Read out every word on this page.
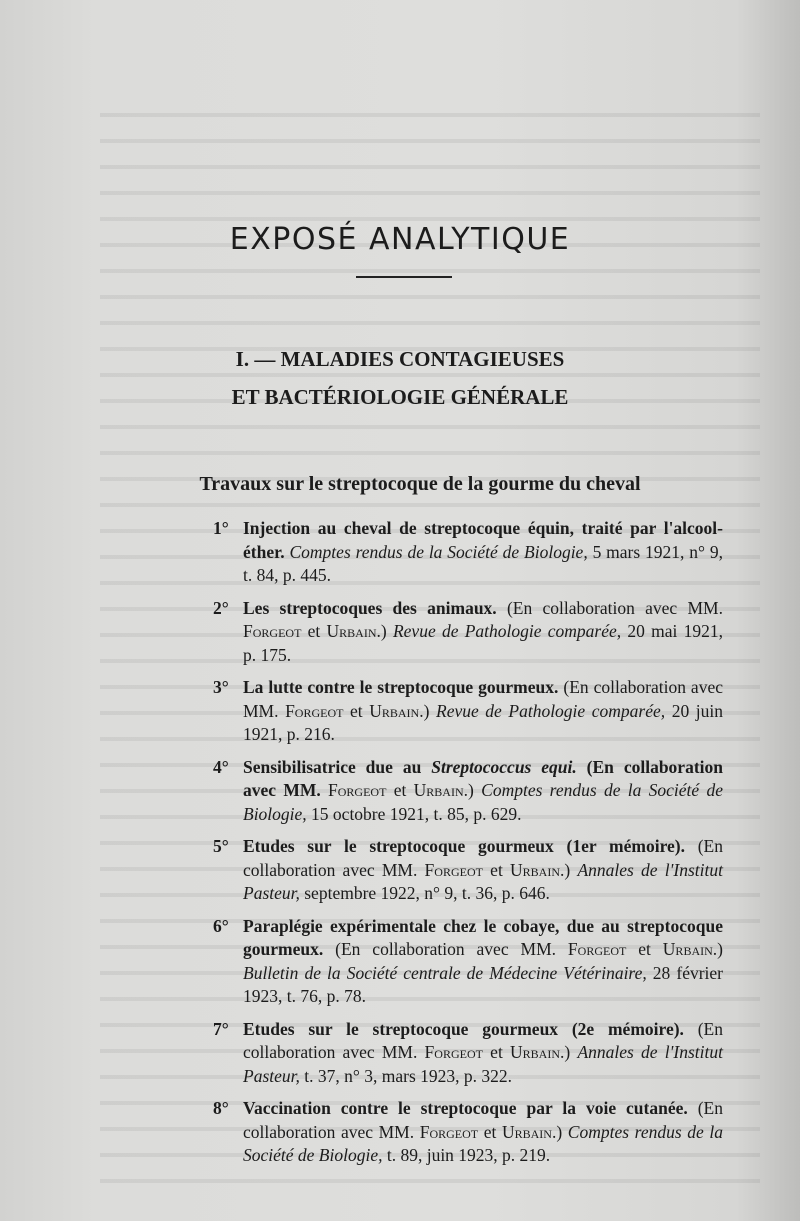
EXPOSÉ ANALYTIQUE
I. — MALADIES CONTAGIEUSES
ET BACTÉRIOLOGIE GÉNÉRALE
Travaux sur le streptocoque de la gourme du cheval
1° Injection au cheval de streptocoque équin, traité par l'alcool-éther. Comptes rendus de la Société de Biologie, 5 mars 1921, n° 9, t. 84, p. 445.
2° Les streptocoques des animaux. (En collaboration avec MM. Forgeot et Urbain.) Revue de Pathologie comparée, 20 mai 1921, p. 175.
3° La lutte contre le streptocoque gourmeux. (En collaboration avec MM. Forgeot et Urbain.) Revue de Pathologie comparée, 20 juin 1921, p. 216.
4° Sensibilisatrice due au Streptococcus equi. (En collaboration avec MM. Forgeot et Urbain.) Comptes rendus de la Société de Biologie, 15 octobre 1921, t. 85, p. 629.
5° Etudes sur le streptocoque gourmeux (1er mémoire). (En collaboration avec MM. Forgeot et Urbain.) Annales de l'Institut Pasteur, septembre 1922, n° 9, t. 36, p. 646.
6° Paraplégie expérimentale chez le cobaye, due au streptocoque gourmeux. (En collaboration avec MM. Forgeot et Urbain.) Bulletin de la Société centrale de Médecine Vétérinaire, 28 février 1923, t. 76, p. 78.
7° Etudes sur le streptocoque gourmeux (2e mémoire). (En collaboration avec MM. Forgeot et Urbain.) Annales de l'Institut Pasteur, t. 37, n° 3, mars 1923, p. 322.
8° Vaccination contre le streptocoque par la voie cutanée. (En collaboration avec MM. Forgeot et Urbain.) Comptes rendus de la Société de Biologie, t. 89, juin 1923, p. 219.
